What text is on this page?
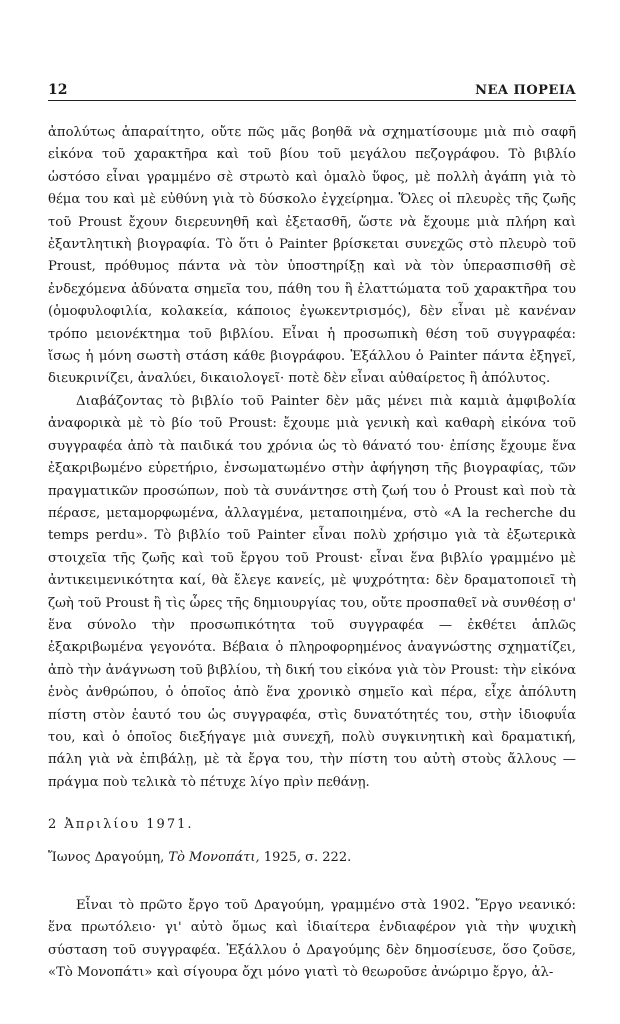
12	ΝΕΑ ΠΟΡΕΙΑ

ἀπολύτως ἀπαραίτητο, οὔτε πῶς μᾶς βοηθᾶ νὰ σχηματίσουμε μιὰ πιὸ σαφῆ εἰκόνα τοῦ χαρακτῆρα καὶ τοῦ βίου τοῦ μεγάλου πεζογράφου. Τὸ βιβλίο ὡστόσο εἶναι γραμμένο σὲ στρωτὸ καὶ ὁμαλὸ ὕφος, μὲ πολλὴ ἀγάπη γιὰ τὸ θέμα του καὶ μὲ εὐθύνη γιὰ τὸ δύσκολο ἐγχείρημα. Ὅλες οἱ πλευρὲς τῆς ζωῆς τοῦ Proust ἔχουν διερευνηθῆ καὶ ἐξετασθῆ, ὥστε νὰ ἔχουμε μιὰ πλήρη καὶ ἐξαντλητικὴ βιογραφία. Τὸ ὅτι ὁ Painter βρίσκεται συνεχῶς στὸ πλευρὸ τοῦ Proust, πρόθυμος πάντα νὰ τὸν ὑποστηρίξῃ καὶ νὰ τὸν ὑπερασπισθῆ σὲ ἐνδεχόμενα ἀδύνατα σημεῖα του, πάθη του ἢ ἐλαττώματα τοῦ χαρακτῆρα του (ὁμοφυλοφιλία, κολακεία, κάποιος ἐγωκεντρισμός), δὲν εἶναι μὲ κανέναν τρόπο μειονέκτημα τοῦ βιβλίου. Εἶναι ἡ προσωπικὴ θέση τοῦ συγγραφέα: ἴσως ἡ μόνη σωστὴ στάση κάθε βιογράφου. Ἐξάλλου ὁ Painter πάντα ἐξηγεῖ, διευκρινίζει, ἀναλύει, δικαιολογεῖ· ποτὲ δὲν εἶναι αὐθαίρετος ἢ ἀπόλυτος.

Διαβάζοντας τὸ βιβλίο τοῦ Painter δὲν μᾶς μένει πιὰ καμιὰ ἀμφιβολία ἀναφορικὰ μὲ τὸ βίο τοῦ Proust: ἔχουμε μιὰ γενικὴ καὶ καθαρὴ εἰκόνα τοῦ συγγραφέα ἀπὸ τὰ παιδικά του χρόνια ὡς τὸ θάνατό του· ἐπίσης ἔχουμε ἕνα ἐξακριβωμένο εὑρετήριο, ἐνσωματωμένο στὴν ἀφήγηση τῆς βιογραφίας, τῶν πραγματικῶν προσώπων, ποὺ τὰ συνάντησε στὴ ζωή του ὁ Proust καὶ ποὺ τὰ πέρασε, μεταμορφωμένα, ἀλλαγμένα, μεταποιημένα, στὸ «A la recherche du temps perdu». Τὸ βιβλίο τοῦ Painter εἶναι πολὺ χρήσιμο γιὰ τὰ ἐξωτερικὰ στοιχεῖα τῆς ζωῆς καὶ τοῦ ἔργου τοῦ Proust· εἶναι ἕνα βιβλίο γραμμένο μὲ ἀντικειμενικότητα καί, θὰ ἔλεγε κανείς, μὲ ψυχρότητα: δὲν δραματοποιεῖ τὴ ζωὴ τοῦ Proust ἢ τὶς ὧρες τῆς δημιουργίας του, οὔτε προσπαθεῖ νὰ συνθέσῃ σ' ἕνα σύνολο τὴν προσωπικότητα τοῦ συγγραφέα — ἐκθέτει ἁπλῶς ἐξακριβωμένα γεγονότα. Βέβαια ὁ πληροφορημένος ἀναγνώστης σχηματίζει, ἀπὸ τὴν ἀνάγνωση τοῦ βιβλίου, τὴ δική του εἰκόνα γιὰ τὸν Proust: τὴν εἰκόνα ἑνὸς ἀνθρώπου, ὁ ὁποῖος ἀπὸ ἕνα χρονικὸ σημεῖο καὶ πέρα, εἶχε ἀπόλυτη πίστη στὸν ἑαυτό του ὡς συγγραφέα, στὶς δυνατότητές του, στὴν ἰδιοφυΐα του, καὶ ὁ ὁποῖος διεξήγαγε μιὰ συνεχῆ, πολὺ συγκινητικὴ καὶ δραματική, πάλη γιὰ νὰ ἐπιβάλῃ, μὲ τὰ ἔργα του, τὴν πίστη του αὐτὴ στοὺς ἄλλους — πράγμα ποὺ τελικὰ τὸ πέτυχε λίγο πρὶν πεθάνῃ.

2 Ἀπριλίου 1971.

Ἴωνος Δραγούμη, Τὸ Μονοπάτι, 1925, σ. 222.

Εἶναι τὸ πρῶτο ἔργο τοῦ Δραγούμη, γραμμένο στὰ 1902. Ἔργο νεανικό: ἕνα πρωτόλειο· γι' αὐτὸ ὅμως καὶ ἰδιαίτερα ἐνδιαφέρον γιὰ τὴν ψυχικὴ σύσταση τοῦ συγγραφέα. Ἐξάλλου ὁ Δραγούμης δὲν δημοσίευσε, ὅσο ζοῦσε, «Τὸ Μονοπάτι» καὶ σίγουρα ὄχι μόνο γιατὶ τὸ θεωροῦσε ἀνώριμο ἔργο, ἀλ-
